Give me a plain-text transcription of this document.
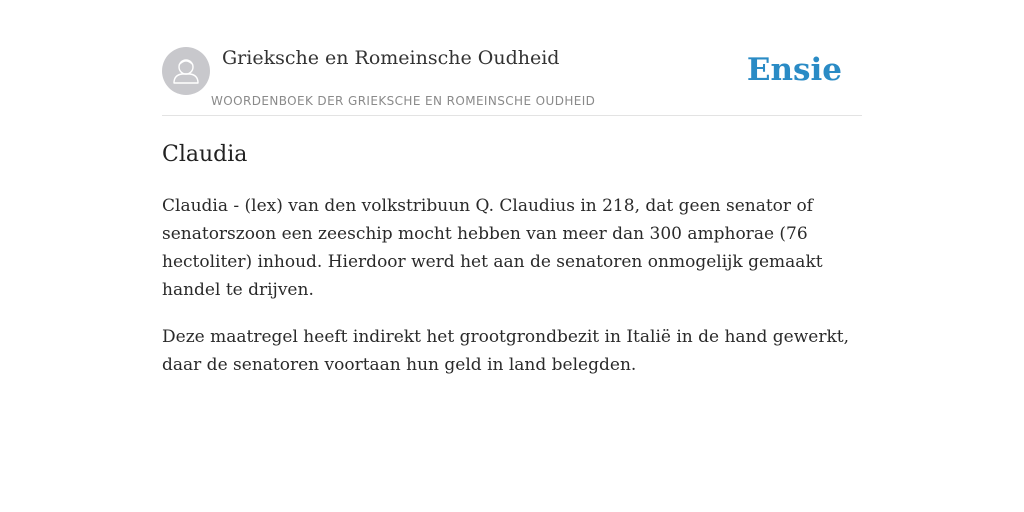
Grieksche en Romeinsche Oudheid
WOORDENBOEK DER GRIEKSCHE EN ROMEINSCHE OUDHEID
Ensie
Claudia

Claudia - (lex) van den volkstribuun Q. Claudius in 218, dat geen senator of senatorszoon een zeeschip mocht hebben van meer dan 300 amphorae (76 hectoliter) inhoud. Hierdoor werd het aan de senatoren onmogelijk gemaakt handel te drijven.

Deze maatregel heeft indirekt het grootgrondbezit in Italië in de hand gewerkt, daar de senatoren voortaan hun geld in land belegden.
